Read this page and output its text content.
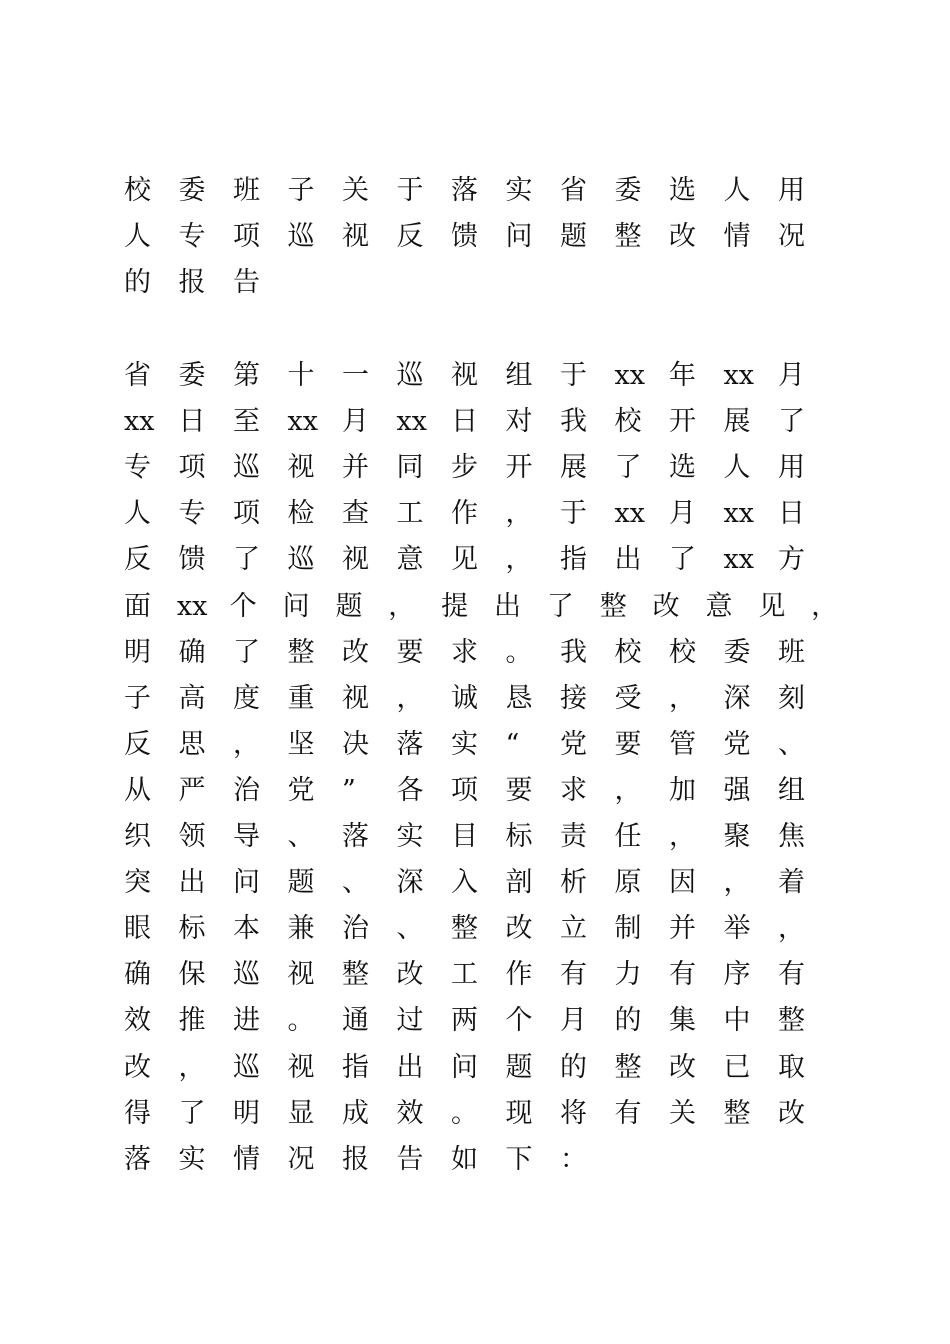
校	委	班	子	关	于	落	实	省	委	选	人	用
人	专	项	巡	视	反	馈	问	题	整	改	情	况
的	报	告
省	委	第	十	一	巡	视	组	于	xx 年	xx 月
xx 日	至	xx 月	xx 日	对	我	校	开	展	了
专	项	巡	视	并	同	步	开	展	了	选	人	用
人	专	项	检	查	工	作	，	于	xx 月	xx 日
反	馈	了	巡	视	意	见	，	指	出	了	xx 方
面 xx 个 问 题 ， 提 出 了 整 改 意 见 ，
明	确	了	整	改	要	求	。	我	校	校	委	班
子	高	度	重	视	，	诚	恳	接	受	，	深	刻
反	思	，	坚	决	落	实	“	党	要	管	党	、
从	严	治	党	”	各	项	要	求	，	加	强	组
织	领	导	、	落	实	目	标	责	任	，	聚	焦
突	出	问	题	、	深	入	剖	析	原	因	，	着
眼	标	本	兼	治	、	整	改	立	制	并	举	，
确	保	巡	视	整	改	工	作	有	力	有	序	有
效	推	进	。	通	过	两	个	月	的	集	中	整
改	，	巡	视	指	出	问	题	的	整	改	已	取
得	了	明	显	成	效	。	现	将	有	关	整	改
落	实	情	况	报	告	如	下	：
